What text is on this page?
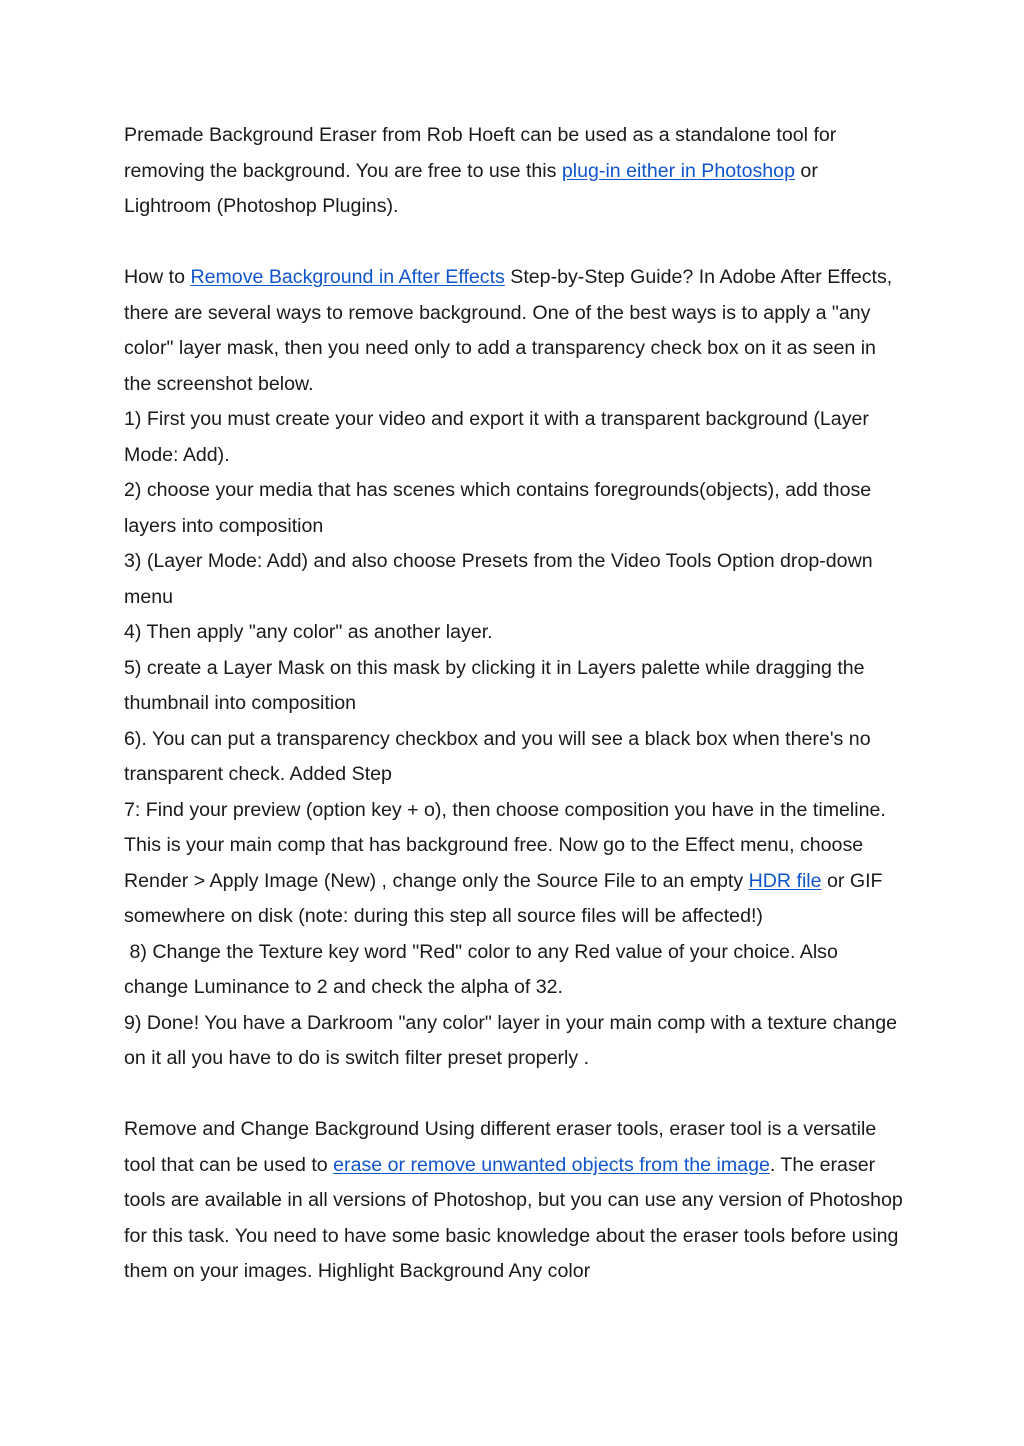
Premade Background Eraser from Rob Hoeft can be used as a standalone tool for removing the background. You are free to use this plug-in either in Photoshop or Lightroom (Photoshop Plugins).

How to Remove Background in After Effects Step-by-Step Guide? In Adobe After Effects, there are several ways to remove background. One of the best ways is to apply a "any color" layer mask, then you need only to add a transparency check box on it as seen in the screenshot below.

1) First you must create your video and export it with a transparent background (Layer Mode: Add).

2) choose your media that has scenes which contains foregrounds(objects), add those layers into composition

3) (Layer Mode: Add) and also choose Presets from the Video Tools Option drop-down menu

4) Then apply "any color" as another layer.

5) create a Layer Mask on this mask by clicking it in Layers palette while dragging the thumbnail into composition

6). You can put a transparency checkbox and you will see a black box when there's no transparent check. Added Step

7: Find your preview (option key + o), then choose composition you have in the timeline. This is your main comp that has background free. Now go to the Effect menu, choose Render > Apply Image (New) , change only the Source File to an empty HDR file or GIF somewhere on disk (note: during this step all source files will be affected!)

8) Change the Texture key word "Red" color to any Red value of your choice. Also change Luminance to 2 and check the alpha of 32.

9) Done! You have a Darkroom "any color" layer in your main comp with a texture change on it all you have to do is switch filter preset properly .

Remove and Change Background Using different eraser tools, eraser tool is a versatile tool that can be used to erase or remove unwanted objects from the image. The eraser tools are available in all versions of Photoshop, but you can use any version of Photoshop for this task. You need to have some basic knowledge about the eraser tools before using them on your images. Highlight Background Any color
